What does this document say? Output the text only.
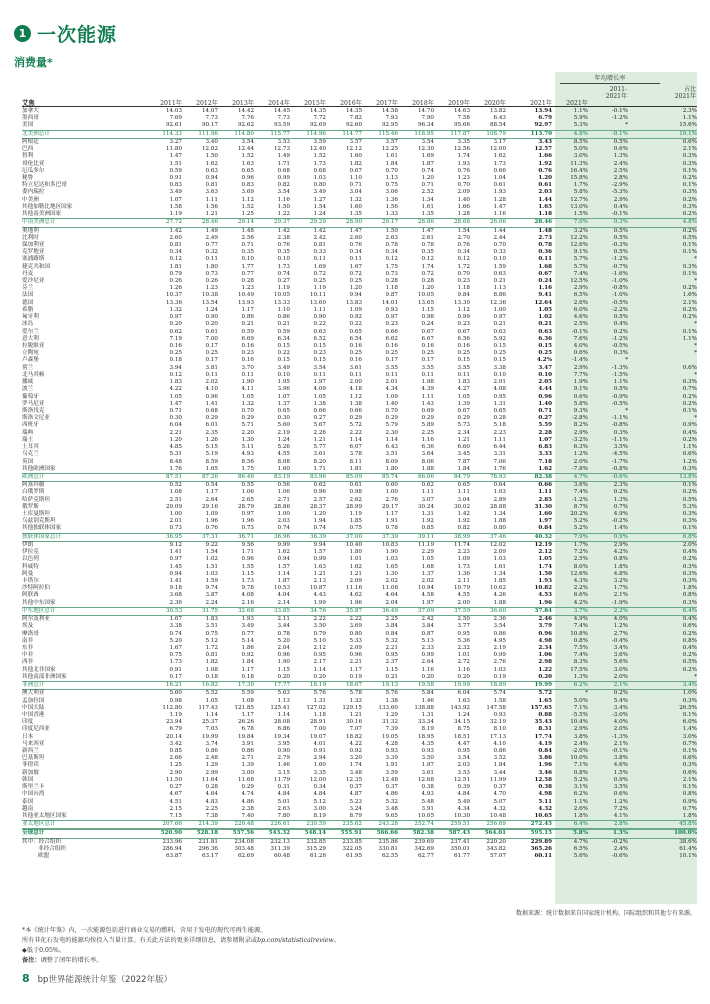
1 一次能源
消费量*
年均增长率
2011-
2021年
占比
2021年
艾焦	2011年	2012年	2013年	2014年	2015年	2016年	2017年	2018年	2019年	2020年	2021年	2021年
加拿大	14.03	14.07	14.42	14.45	14.35	14.35	14.58	14.70	14.63	13.82	13.94	1.1%	-0.1%	2.3%
墨西哥	7.69	7.73	7.76	7.73	7.72	7.82	7.93	7.90	7.58	6.43	6.79	5.9%	-1.2%	1.1%
美国	92.61	90.17	92.62	93.59	92.69	92.60	92.95	96.34	95.66	88.54	92.97	5.3%	*	15.6%
北美洲总计	114.33	111.96	114.80	115.77	114.96	114.77	115.46	118.95	117.87	108.79	113.70	4.8%	-0.1%	19.1%
阿根廷	3.27	3.40	3.54	3.53	3.59	3.57	3.57	3.54	3.35	3.17	3.43	8.5%	0.5%	0.6%
巴西	11.80	12.02	12.44	12.73	12.40	12.12	12.25	12.30	12.56	12.00	12.57	5.0%	0.6%	2.1%
智利	1.47	1.50	1.52	1.49	1.52	1.60	1.61	1.69	1.74	1.62	1.66	3.0%	1.3%	0.3%
哥伦比亚	1.51	1.62	1.63	1.71	1.73	1.82	1.84	1.87	1.93	1.73	1.92	11.3%	2.4%	0.3%
厄瓜多尔	0.59	0.63	0.65	0.68	0.68	0.67	0.70	0.74	0.76	0.66	0.76	16.4%	2.5%	0.1%
秘鲁	0.91	0.94	0.96	0.99	1.03	1.10	1.13	1.20	1.23	1.04	1.20	15.8%	2.8%	0.2%
特立尼达和多巴哥	0.83	0.81	0.83	0.82	0.80	0.71	0.75	0.71	0.70	0.61	0.61	1.7%	-2.9%	0.1%
委内瑞拉	3.49	3.63	3.69	3.54	3.49	3.04	3.06	2.52	2.09	1.93	2.03	5.8%	-5.3%	0.3%
中美洲	1.07	1.11	1.12	1.16	1.27	1.32	1.36	1.34	1.40	1.28	1.44	12.7%	2.9%	0.2%
其他加勒比地区国家	1.58	1.56	1.52	1.50	1.54	1.60	1.56	1.61	1.66	1.47	1.65	13.0%	0.4%	0.3%
其他南美洲国家	1.19	1.21	1.25	1.22	1.24	1.35	1.33	1.35	1.28	1.16	1.18	1.5%	-0.1%	0.2%
中南美洲总计	27.72	28.46	29.14	29.37	29.29	28.90	29.17	28.86	28.68	26.06	28.46	7.0%	0.3%	4.8%
奥地利	1.42	1.49	1.48	1.42	1.42	1.47	1.50	1.47	1.54	1.44	1.48	3.2%	0.5%	0.2%
比利时	2.60	2.49	2.56	2.38	2.42	2.60	2.63	2.61	2.70	2.44	2.73	12.2%	0.5%	0.5%
保加利亚	0.81	0.77	0.71	0.76	0.81	0.76	0.78	0.78	0.76	0.70	0.78	12.6%	-0.3%	0.1%
克罗地亚	0.34	0.32	0.35	0.35	0.33	0.34	0.34	0.35	0.34	0.33	0.36	9.1%	0.5%	0.1%
塞浦路斯	0.12	0.11	0.10	0.10	0.11	0.11	0.12	0.12	0.12	0.10	0.11	5.7%	-1.2%	*
捷克共和国	1.81	1.80	1.77	1.73	1.69	1.67	1.75	1.74	1.72	1.59	1.68	5.7%	-0.7%	0.3%
丹麦	0.79	0.73	0.77	0.74	0.72	0.72	0.73	0.72	0.70	0.63	0.67	7.4%	-1.6%	0.1%
爱沙尼亚	0.26	0.26	0.28	0.27	0.25	0.25	0.28	0.28	0.23	0.21	0.24	12.5%	-1.0%	*
芬兰	1.26	1.23	1.23	1.19	1.19	1.20	1.18	1.20	1.18	1.13	1.16	2.9%	-0.8%	0.2%
法国	10.37	10.38	10.49	10.05	10.11	9.94	9.87	10.05	9.84	8.86	9.41	6.5%	-1.0%	1.6%
德国	13.36	13.54	13.93	13.33	13.60	13.83	14.01	13.65	13.30	12.36	12.64	2.6%	-0.5%	2.1%
希腊	1.32	1.24	1.17	1.10	1.11	1.09	0.93	1.15	1.12	1.00	1.05	6.0%	-2.2%	0.2%
匈牙利	0.97	0.90	0.86	0.86	0.90	0.92	0.97	0.98	0.99	0.97	1.02	4.6%	0.5%	0.2%
冰岛	0.20	0.20	0.21	0.21	0.22	0.22	0.23	0.24	0.23	0.21	0.21	2.5%	0.4%	*
爱尔兰	0.62	0.61	0.59	0.59	0.63	0.65	0.66	0.67	0.67	0.63	0.63	-0.1%	0.2%	0.1%
意大利	7.19	7.00	6.69	6.34	6.52	6.54	6.62	6.67	6.56	5.92	6.36	7.6%	-1.2%	1.1%
拉脱维亚	0.16	0.17	0.16	0.15	0.15	0.16	0.16	0.16	0.16	0.15	0.15	4.0%	-0.5%	*
立陶宛	0.25	0.25	0.23	0.22	0.23	0.25	0.25	0.25	0.25	0.25	0.25	0.6%	0.3%	*
卢森堡	0.18	0.17	0.16	0.15	0.15	0.16	0.17	0.17	0.15	0.15	4.2%	-1.4%	*
荷兰	3.94	3.81	3.70	3.49	3.54	3.61	3.55	3.55	3.55	3.38	3.47	2.9%	-1.3%	0.6%
北马其顿	0.12	0.11	0.11	0.10	0.11	0.11	0.11	0.11	0.11	0.10	0.10	7.7%	-1.5%	*
挪威	1.83	2.02	1.90	1.95	1.97	2.00	2.01	1.98	1.83	2.01	2.05	1.9%	1.1%	0.3%
波兰	4.22	4.10	4.11	3.96	4.09	4.18	4.34	4.39	4.27	4.08	4.44	9.1%	0.5%	0.7%
葡萄牙	1.05	0.96	1.05	1.07	1.05	1.12	1.09	1.11	1.05	0.95	0.96	0.6%	-0.9%	0.2%
罗马尼亚	1.47	1.41	1.32	1.37	1.38	1.38	1.40	1.43	1.39	1.31	1.40	5.8%	-0.5%	0.2%
斯洛伐克	0.71	0.68	0.70	0.65	0.66	0.66	0.70	0.69	0.67	0.65	0.71	9.3%	*	0.1%
斯洛文尼亚	0.30	0.29	0.29	0.30	0.27	0.29	0.29	0.29	0.29	0.28	0.27	-2.8%	-1.1%	*
西班牙	6.04	6.01	5.71	5.60	5.67	5.72	5.79	5.89	5.73	5.18	5.59	8.2%	-0.8%	0.9%
瑞典	2.21	2.35	2.20	2.19	2.26	2.22	2.30	2.25	2.34	2.23	2.28	2.9%	0.3%	0.4%
瑞士	1.20	1.26	1.30	1.24	1.21	1.14	1.14	1.16	1.21	1.11	1.07	-3.2%	-1.1%	0.2%
土耳其	4.85	5.15	5.11	5.26	5.77	6.07	6.43	6.36	6.60	6.44	6.83	6.3%	3.5%	1.1%
乌克兰	5.31	5.19	4.93	4.55	3.61	3.78	3.51	3.64	3.45	3.31	3.33	1.2%	-4.5%	0.6%
英国	8.48	8.59	8.56	8.08	8.20	8.11	8.09	8.06	7.87	7.06	7.18	2.0%	-1.7%	1.2%
其他欧洲国家	1.76	1.65	1.75	1.60	1.71	1.81	1.80	1.88	1.84	1.76	1.62	-7.8%	-0.8%	0.3%
欧洲总计	87.51	87.26	86.46	83.19	83.96	85.09	85.74	86.06	84.79	78.93	82.38	4.7%	-0.6%	13.8%
阿塞拜疆	0.52	0.54	0.55	0.56	0.62	0.61	0.60	0.62	0.65	0.64	0.66	3.6%	2.3%	0.1%
白俄罗斯	1.08	1.17	1.06	1.06	0.96	0.98	1.00	1.11	1.11	1.03	1.11	7.4%	0.2%	0.2%
哈萨克斯坦	2.51	2.64	2.65	2.71	2.57	2.62	2.76	3.07	3.04	2.89	2.85	-1.2%	1.3%	0.5%
俄罗斯	29.09	29.16	28.79	28.86	28.37	28.99	29.17	30.24	30.02	28.88	31.30	8.7%	0.7%	5.3%
土库曼斯坦	1.00	1.09	0.97	1.00	1.20	1.19	1.17	1.31	1.42	1.34	1.60	20.2%	4.9%	0.3%
乌兹别克斯坦	2.01	1.96	1.96	2.03	1.94	1.85	1.91	1.92	1.92	1.88	1.97	5.2%	-0.2%	0.3%
其他独联体国家	0.73	0.76	0.73	0.74	0.74	0.75	0.78	0.85	0.82	0.80	0.84	5.2%	1.4%	0.1%
独联体国家总计	36.95	37.31	36.71	36.96	36.39	37.00	37.39	39.11	38.99	37.46	40.32	7.9%	0.9%	6.8%
伊朗	9.12	9.22	9.56	9.99	9.94	10.40	10.83	11.19	11.74	12.02	12.19	1.7%	2.9%	2.0%
伊拉克	1.41	1.54	1.71	1.62	1.57	1.80	1.90	2.29	2.23	2.09	2.12	7.2%	4.2%	0.4%
以色列	0.97	1.02	0.96	0.94	0.99	1.01	1.03	1.05	1.09	1.03	1.05	2.5%	0.8%	0.2%
科威特	1.45	1.51	1.55	1.57	1.63	1.62	1.65	1.68	1.73	1.61	1.74	8.0%	1.8%	0.3%
阿曼	0.94	1.03	1.15	1.14	1.21	1.21	1.30	1.37	1.36	1.34	1.50	12.6%	4.8%	0.3%
卡塔尔	1.41	1.59	1.73	1.87	2.13	2.09	2.02	2.02	2.11	1.85	1.93	4.3%	3.2%	0.3%
沙特阿拉伯	9.18	9.74	9.78	10.53	10.87	11.16	11.08	10.94	10.79	10.62	10.82	2.2%	1.7%	1.8%
阿联酋	3.68	3.87	4.08	4.04	4.43	4.62	4.64	4.58	4.55	4.26	4.53	6.6%	2.1%	0.8%
其他中东国家	2.36	2.24	2.16	2.14	1.99	1.96	2.04	1.97	2.00	1.88	1.96	4.2%	-1.9%	0.3%
中东地区总计	30.53	31.75	32.68	33.85	34.76	35.87	36.49	37.09	37.59	36.60	37.84	3.7%	2.2%	6.4%
阿尔及利亚	1.67	1.83	1.93	2.11	2.22	2.22	2.25	2.42	2.50	2.36	2.46	4.9%	4.0%	0.4%
埃及	3.38	3.51	3.49	3.44	3.50	3.69	3.84	3.84	3.77	3.54	3.79	7.4%	1.2%	0.6%
摩洛哥	0.74	0.75	0.77	0.78	0.79	0.80	0.84	0.87	0.95	0.86	0.96	10.8%	2.7%	0.2%
南非	5.20	5.12	5.14	5.20	5.10	5.33	5.32	5.13	5.36	4.95	4.98	0.8%	-0.4%	0.8%
东非	1.67	1.72	1.86	2.04	2.12	2.09	2.21	2.33	2.32	2.19	2.34	7.5%	3.4%	0.4%
中非	0.75	0.81	0.92	0.96	0.95	0.96	0.95	0.99	1.01	0.99	1.06	7.4%	3.6%	0.2%
西非	1.73	1.82	1.84	1.90	2.17	2.21	2.37	2.64	2.72	2.76	2.98	8.3%	5.6%	0.5%
其他北非国家	0.91	1.08	1.17	1.15	1.14	1.17	1.15	1.16	1.16	1.03	1.22	17.5%	3.0%	0.2%
其他南部非洲国家	0.17	0.18	0.18	0.20	0.20	0.19	0.21	0.20	0.20	0.19	0.20	1.3%	2.0%	*
非洲总计	16.21	16.82	17.30	17.77	18.19	18.67	19.13	19.58	19.99	18.89	19.99	6.2%	2.1%	3.4%
澳大利亚	5.60	5.52	5.59	5.63	5.76	5.78	5.76	5.84	6.04	5.74	5.72	*	0.2%	1.0%
孟加拉国	0.98	1.05	1.08	1.13	1.31	1.33	1.38	1.46	1.63	1.58	1.65	5.0%	5.4%	0.3%
中国大陆	112.80	117.43	121.85	125.41	127.02	129.15	133.60	138.88	143.92	147.58	157.65	7.1%	3.4%	26.5%
中国香港	1.19	1.14	1.17	1.14	1.18	1.21	1.29	1.31	1.24	0.93	0.88	-5.5%	-3.0%	0.1%
印度	23.94	25.37	26.26	28.08	28.91	30.16	31.32	33.34	34.15	32.19	35.43	10.4%	4.0%	6.0%
印度尼西亚	6.79	7.03	6.78	6.86	7.00	7.07	7.39	8.19	8.75	8.10	8.31	2.9%	2.0%	1.4%
日本	20.14	19.99	19.84	19.34	19.07	18.82	19.05	18.95	18.51	17.13	17.74	3.8%	-1.3%	3.0%
马来西亚	3.42	3.74	3.91	3.95	4.01	4.22	4.28	4.35	4.47	4.10	4.19	2.4%	2.1%	0.7%
新西兰	0.85	0.86	0.86	0.90	0.91	0.92	0.93	0.93	0.95	0.86	0.84	-2.0%	-0.1%	0.1%
巴基斯坦	2.66	2.48	2.71	2.79	2.94	3.20	3.39	3.50	3.54	3.52	3.86	10.0%	3.8%	0.6%
菲律宾	1.25	1.29	1.39	1.46	1.60	1.74	1.91	1.97	2.03	1.84	1.96	7.1%	4.6%	0.3%
新加坡	2.90	2.99	3.00	3.15	3.35	3.48	3.59	3.61	3.53	3.44	3.46	0.8%	1.5%	0.6%
韩国	11.50	11.64	11.68	11.79	12.00	12.35	12.48	12.68	12.51	11.99	12.58	5.2%	0.9%	2.1%
斯里兰卡	0.27	0.28	0.29	0.31	0.34	0.37	0.37	0.38	0.39	0.37	0.38	3.1%	3.5%	0.1%
中国台湾	4.67	4.64	4.74	4.84	4.84	4.87	4.86	4.93	4.84	4.70	4.98	6.2%	0.6%	0.8%
泰国	4.51	4.83	4.86	5.01	5.12	5.23	5.32	5.48	5.49	5.07	5.11	1.1%	1.2%	0.9%
越南	2.15	2.25	2.38	2.63	3.00	3.24	3.48	3.91	4.34	4.32	4.32	2.6%	7.2%	0.7%
其他亚太地区国家	7.15	7.38	7.40	7.80	8.19	8.79	9.65	10.05	10.30	10.48	10.65	1.8%	4.1%	1.8%
亚太地区总计	207.66	214.39	220.48	226.61	230.59	235.62	243.28	252.74	259.51	256.69	272.45	6.4%	2.8%	45.8%
全球总计	520.90	528.18	537.56	543.32	548.14	555.91	566.66	582.38	587.43	564.01	595.15	5.8%	1.3%	100.0%
其中：经合组织	233.96	231.81	234.08	232.13	232.85	233.85	235.86	239.69	237.41	220.20	229.89	4.7%	-0.2%	38.6%
非经合组织	286.94	296.36	303.48	311.39	315.29	322.05	330.81	342.69	350.01	343.82	365.26	6.5%	2.4%	61.4%
欧盟	63.87	63.17	62.69	60.48	61.26	61.95	62.55	62.77	61.77	57.07	60.11	5.6%	-0.6%	10.1%
数据来源：统计数据来自国家统计机构、国际组织和其他专有来源。
*本《统计年鉴》内，一次能源包括进行商业交易的燃料，含用于发电的现代可再生能源。
所有非化石发电的能源均按投入当量计算。有关此方法的更多详细信息，请参阅附录或bp.com/statisticalreview。
◆低于0.05%。
备注：调整了闰年的增长率。
8 bp世界能源统计年鉴（2022年版）
